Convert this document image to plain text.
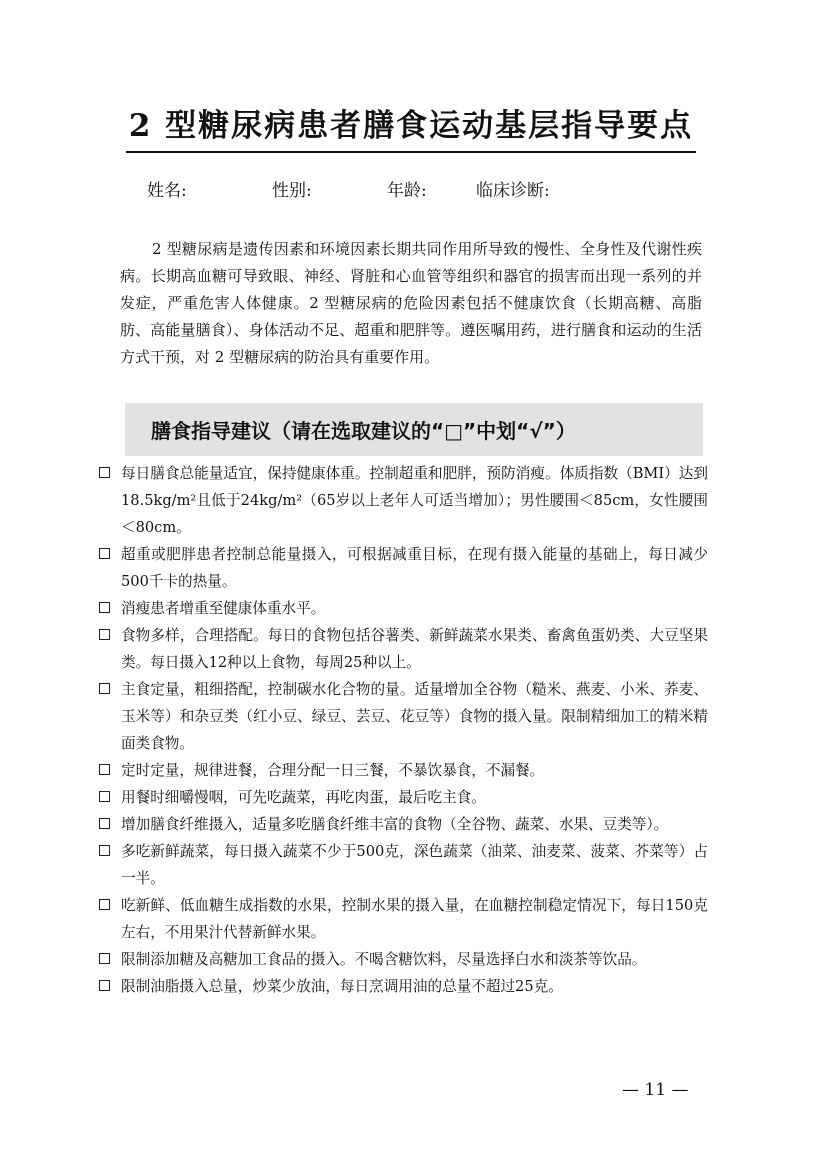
2 型糖尿病患者膳食运动基层指导要点
姓名:	性别:	年龄:	临床诊断:

2 型糖尿病是遗传因素和环境因素长期共同作用所导致的慢性、全身性及代谢性疾病。长期高血糖可导致眼、神经、肾脏和心血管等组织和器官的损害而出现一系列的并发症，严重危害人体健康。2 型糖尿病的危险因素包括不健康饮食（长期高糖、高脂肪、高能量膳食）、身体活动不足、超重和肥胖等。遵医嘱用药，进行膳食和运动的生活方式干预，对 2 型糖尿病的防治具有重要作用。

膳食指导建议（请在选取建议的“□”中划“√”）
每日膳食总能量适宜，保持健康体重。控制超重和肥胖，预防消瘦。体质指数（BMI）达到18.5kg/m²且低于24kg/m²（65岁以上老年人可适当增加）；男性腰围＜85cm，女性腰围＜80cm。
超重或肥胖患者控制总能量摄入，可根据减重目标，在现有摄入能量的基础上，每日减少500千卡的热量。
消瘦患者增重至健康体重水平。
食物多样，合理搭配。每日的食物包括谷薯类、新鲜蔬菜水果类、畜禽鱼蛋奶类、大豆坚果类。每日摄入12种以上食物，每周25种以上。
主食定量，粗细搭配，控制碳水化合物的量。适量增加全谷物（糙米、燕麦、小米、荞麦、玉米等）和杂豆类（红小豆、绿豆、芸豆、花豆等）食物的摄入量。限制精细加工的精米精面类食物。
定时定量，规律进餐，合理分配一日三餐，不暴饮暴食，不漏餐。
用餐时细嚼慢咽，可先吃蔬菜，再吃肉蛋，最后吃主食。
增加膳食纤维摄入，适量多吃膳食纤维丰富的食物（全谷物、蔬菜、水果、豆类等）。
多吃新鲜蔬菜，每日摄入蔬菜不少于500克，深色蔬菜（油菜、油麦菜、菠菜、芥菜等）占一半。
吃新鲜、低血糖生成指数的水果，控制水果的摄入量，在血糖控制稳定情况下，每日150克左右，不用果汁代替新鲜水果。
限制添加糖及高糖加工食品的摄入。不喝含糖饮料，尽量选择白水和淡茶等饮品。
限制油脂摄入总量，炒菜少放油，每日烹调用油的总量不超过25克。
— 11 —
